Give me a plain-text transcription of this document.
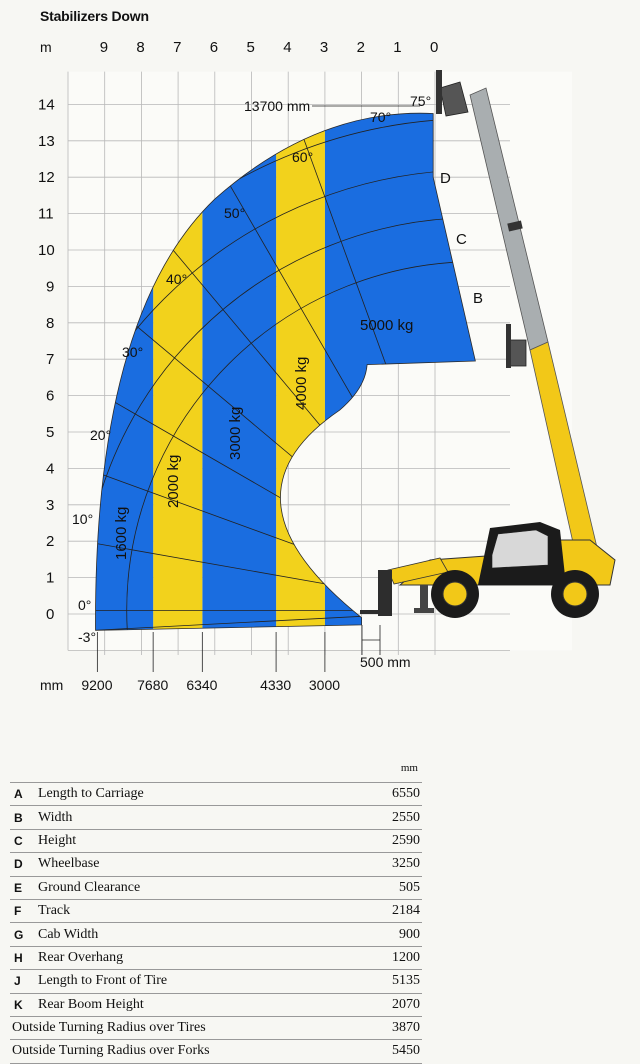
Stabilizers Down
m	9 8 7 6 5 4 3 2 1 0
14
13
12
11
10
9
8
7
6
5
4
3
2
1
0
75°
70°
60°
50°
40°
30°
20°
10°
0°
-3°
D
C
B
5000 kg
4000 kg
3000 kg
2000 kg
1600 kg
13700 mm
500 mm
mm 9200 7680 6340	4330 3000
mm
A	Length to Carriage	6550
B	Width	2550
C	Height	2590
D	Wheelbase	3250
E	Ground Clearance	505
F	Track	2184
G	Cab Width	900
H	Rear Overhang	1200
J	Length to Front of Tire	5135
K	Rear Boom Height	2070
Outside Turning Radius over Tires	3870
Outside Turning Radius over Forks	5450
